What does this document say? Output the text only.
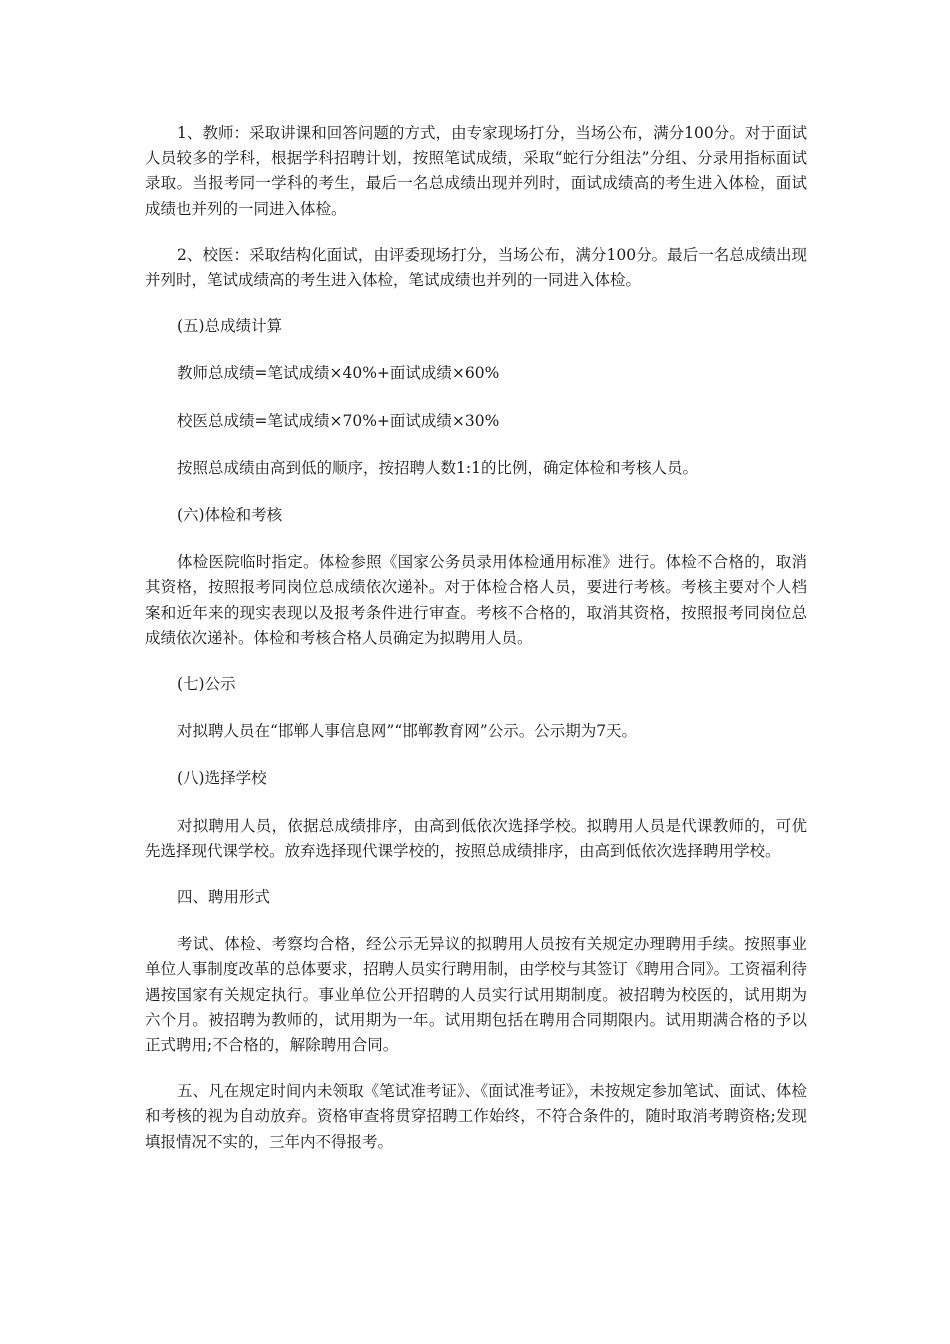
1、教师：采取讲课和回答问题的方式，由专家现场打分，当场公布，满分100分。对于面试人员较多的学科，根据学科招聘计划，按照笔试成绩，采取“蛇行分组法”分组、分录用指标面试录取。当报考同一学科的考生，最后一名总成绩出现并列时，面试成绩高的考生进入体检，面试成绩也并列的一同进入体检。

2、校医：采取结构化面试，由评委现场打分，当场公布，满分100分。最后一名总成绩出现并列时，笔试成绩高的考生进入体检，笔试成绩也并列的一同进入体检。

(五)总成绩计算

教师总成绩=笔试成绩×40%+面试成绩×60%

校医总成绩=笔试成绩×70%+面试成绩×30%

按照总成绩由高到低的顺序，按招聘人数1:1的比例，确定体检和考核人员。

(六)体检和考核

体检医院临时指定。体检参照《国家公务员录用体检通用标准》进行。体检不合格的，取消其资格，按照报考同岗位总成绩依次递补。对于体检合格人员，要进行考核。考核主要对个人档案和近年来的现实表现以及报考条件进行审查。考核不合格的，取消其资格，按照报考同岗位总成绩依次递补。体检和考核合格人员确定为拟聘用人员。

(七)公示

对拟聘人员在“邯郸人事信息网”“邯郸教育网”公示。公示期为7天。

(八)选择学校

对拟聘用人员，依据总成绩排序，由高到低依次选择学校。拟聘用人员是代课教师的，可优先选择现代课学校。放弃选择现代课学校的，按照总成绩排序，由高到低依次选择聘用学校。

四、聘用形式

考试、体检、考察均合格，经公示无异议的拟聘用人员按有关规定办理聘用手续。按照事业单位人事制度改革的总体要求，招聘人员实行聘用制，由学校与其签订《聘用合同》。工资福利待遇按国家有关规定执行。事业单位公开招聘的人员实行试用期制度。被招聘为校医的，试用期为六个月。被招聘为教师的，试用期为一年。试用期包括在聘用合同期限内。试用期满合格的予以正式聘用;不合格的，解除聘用合同。

五、凡在规定时间内未领取《笔试准考证》、《面试准考证》，未按规定参加笔试、面试、体检和考核的视为自动放弃。资格审查将贯穿招聘工作始终，不符合条件的，随时取消考聘资格;发现填报情况不实的，三年内不得报考。
